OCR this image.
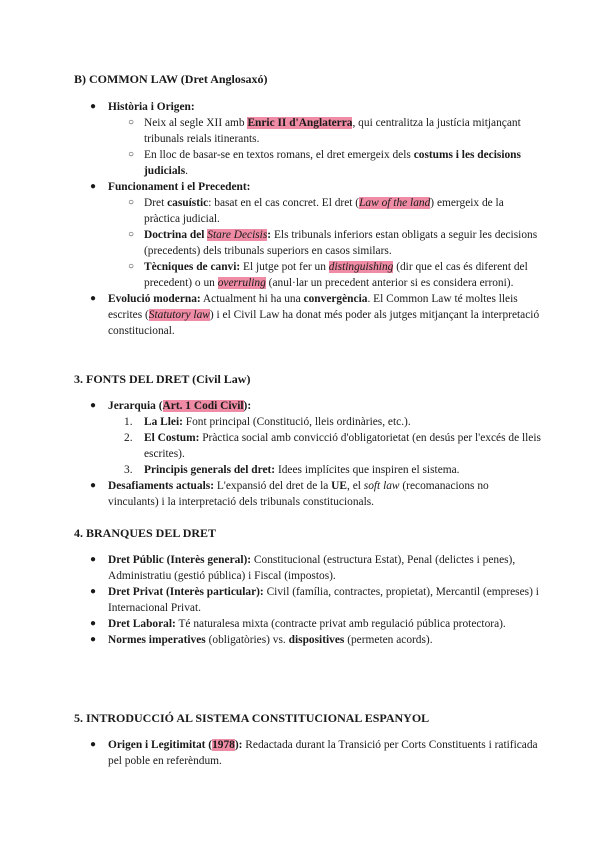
B) COMMON LAW (Dret Anglosaxó)
● Història i Origen:
○ Neix al segle XII amb Enric II d'Anglaterra, qui centralitza la justícia mitjançant tribunals reials itinerants.
○ En lloc de basar-se en textos romans, el dret emergeix dels costums i les decisions judicials.
● Funcionament i el Precedent:
○ Dret casuístic: basat en el cas concret. El dret (Law of the land) emergeix de la pràctica judicial.
○ Doctrina del Stare Decisis: Els tribunals inferiors estan obligats a seguir les decisions (precedents) dels tribunals superiors en casos similars.
○ Tècniques de canvi: El jutge pot fer un distinguishing (dir que el cas és diferent del precedent) o un overruling (anul·lar un precedent anterior si es considera erroni).
● Evolució moderna: Actualment hi ha una convergència. El Common Law té moltes lleis escrites (Statutory law) i el Civil Law ha donat més poder als jutges mitjançant la interpretació constitucional.
3. FONTS DEL DRET (Civil Law)
● Jerarquia (Art. 1 Codi Civil):
1. La Llei: Font principal (Constitució, lleis ordinàries, etc.).
2. El Costum: Pràctica social amb convicció d'obligatorietat (en desús per l'excés de lleis escrites).
3. Principis generals del dret: Idees implícites que inspiren el sistema.
● Desafiaments actuals: L'expansió del dret de la UE, el soft law (recomanacions no vinculants) i la interpretació dels tribunals constitucionals.
4. BRANQUES DEL DRET
● Dret Públic (Interès general): Constitucional (estructura Estat), Penal (delictes i penes), Administratiu (gestió pública) i Fiscal (impostos).
● Dret Privat (Interès particular): Civil (família, contractes, propietat), Mercantil (empreses) i Internacional Privat.
● Dret Laboral: Té naturalesa mixta (contracte privat amb regulació pública protectora).
● Normes imperatives (obligatòries) vs. dispositives (permeten acords).
5. INTRODUCCIÓ AL SISTEMA CONSTITUCIONAL ESPANYOL
● Origen i Legitimitat (1978): Redactada durant la Transició per Corts Constituents i ratificada pel poble en referèndum.
